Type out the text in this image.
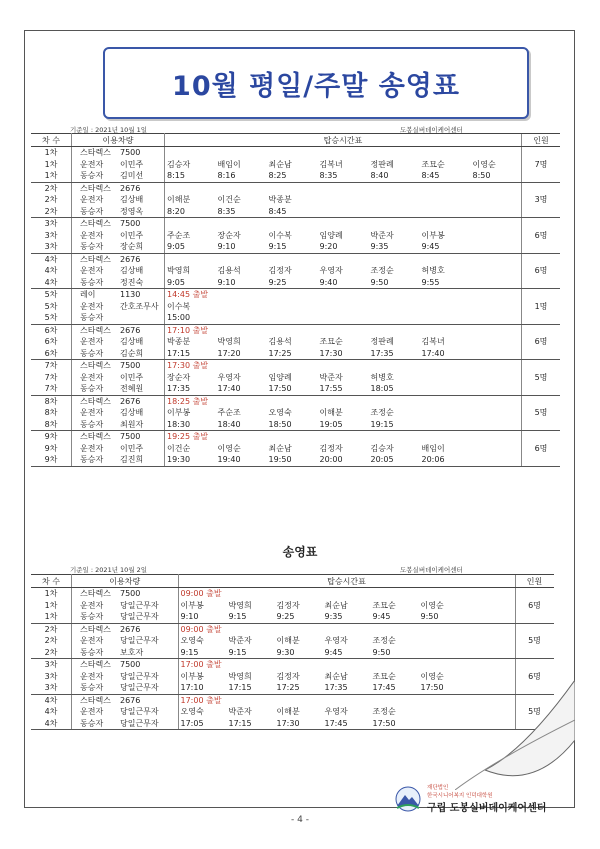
10월 평일/주말 송영표
기준일 : 2021년 10월 1일	도봉실버데이케어센터
차 수	이용차량		탑승시간표							인원
1차	스타렉스	7500								
1차	운전자	이민주	김승자	배임이	최순남	김복녀	정판례	조묘순	이영순	7명
1차	동승자	김미선	8:15	8:16	8:25	8:35	8:40	8:45	8:50	
2차	스타렉스	2676								
2차	운전자	김상배	이해분	이건순	박종분					3명
2차	동승자	정영옥	8:20	8:35	8:45					
3차	스타렉스	7500								
3차	운전자	이민주	주순조	장순자	이수복	임양례	박준자	이부봉		6명
3차	동승자	장순희	9:05	9:10	9:15	9:20	9:35	9:45		
4차	스타렉스	2676								
4차	운전자	김상배	박영희	김용석	김정자	우영자	조정순	허병호		6명
4차	동승자	정진숙	9:05	9:10	9:25	9:40	9:50	9:55		
5차	레이	1130	14:45 출발							
5차	운전자	간호조무사	이수복							1명
5차	동승자		15:00							
6차	스타렉스	2676	17:10 출발							
6차	운전자	김상배	박종분	박영희	김용석	조묘순	정판례	김복녀		6명
6차	동승자	김순희	17:15	17:20	17:25	17:30	17:35	17:40		
7차	스타렉스	7500	17:30 출발							
7차	운전자	이민주	장순자	우영자	임양례	박준자	허병호			5명
7차	동승자	전혜원	17:35	17:40	17:50	17:55	18:05			
8차	스타렉스	2676	18:25 출발							
8차	운전자	김상배	이부봉	주순조	오영숙	이해분	조정순			5명
8차	동승자	최원자	18:30	18:40	18:50	19:05	19:15			
9차	스타렉스	7500	19:25 출발							
9차	운전자	이민주	이건순	이영순	최순남	김정자	김승자	배임이		6명
9차	동승자	김진희	19:30	19:40	19:50	20:00	20:05	20:06		
송영표
기준일 : 2021년 10월 2일	도봉실버데이케어센터
차 수	이용차량		탑승시간표							인원
1차	스타렉스	7500	09:00 출발							
1차	운전자	당일근무자	이부봉	박영희	김정자	최순남	조묘순	이영순		6명
1차	동승자	당일근무자	9:10	9:15	9:25	9:35	9:45	9:50		
2차	스타렉스	2676	09:00 출발							
2차	운전자	당일근무자	오영숙	박준자	이해분	우영자	조정순			5명
2차	동승자	보호자	9:15	9:15	9:30	9:45	9:50			
3차	스타렉스	7500	17:00 출발							
3차	운전자	당일근무자	이부봉	박영희	김정자	최순남	조묘순	이영순		6명
3차	동승자	당일근무자	17:10	17:15	17:25	17:35	17:45	17:50		
4차	스타렉스	2676	17:00 출발							
4차	운전자	당일근무자	오영숙	박준자	이해분	우영자	조정순			5명
4차	동승자	당일근무자	17:05	17:15	17:30	17:45	17:50			
재단법인
한국시니어복지 인덕대학원
구립 도봉실버데이케어센터
- 4 -
